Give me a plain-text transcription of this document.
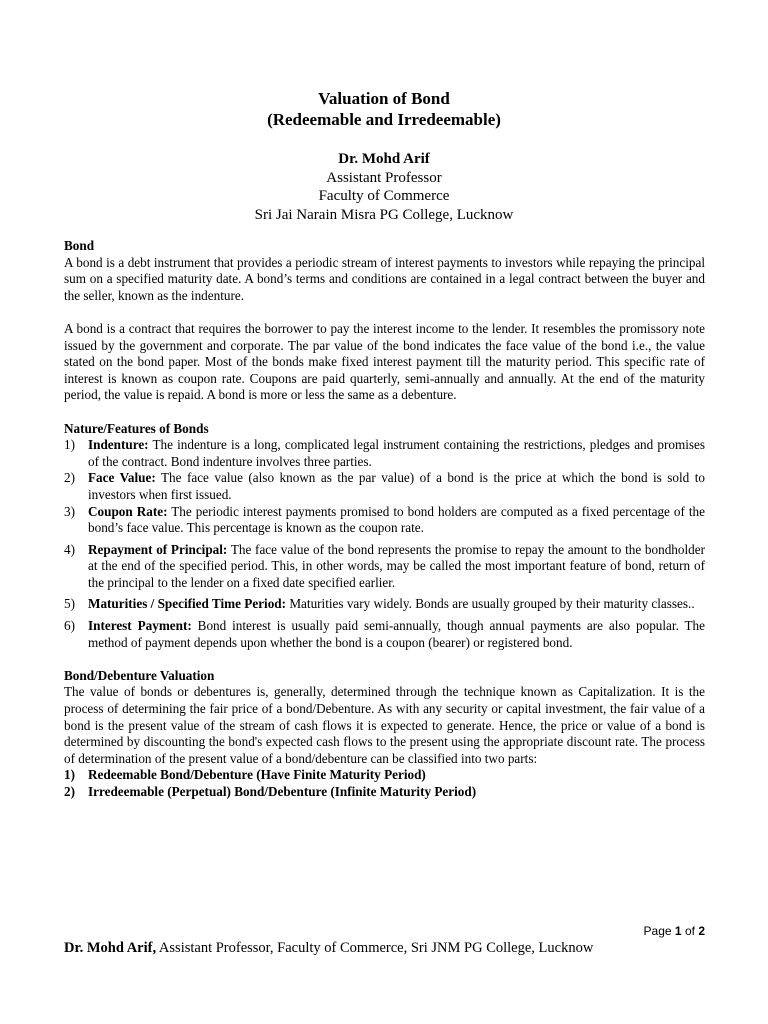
Valuation of Bond
(Redeemable and Irredeemable)
Dr. Mohd Arif
Assistant Professor
Faculty of Commerce
Sri Jai Narain Misra PG College, Lucknow

Bond

A bond is a debt instrument that provides a periodic stream of interest payments to investors while repaying the principal sum on a specified maturity date. A bond’s terms and conditions are contained in a legal contract between the buyer and the seller, known as the indenture.

A bond is a contract that requires the borrower to pay the interest income to the lender. It resembles the promissory note issued by the government and corporate. The par value of the bond indicates the face value of the bond i.e., the value stated on the bond paper. Most of the bonds make fixed interest payment till the maturity period. This specific rate of interest is known as coupon rate. Coupons are paid quarterly, semi-annually and annually. At the end of the maturity period, the value is repaid. A bond is more or less the same as a debenture.

Nature/Features of Bonds

1) Indenture: The indenture is a long, complicated legal instrument containing the restrictions, pledges and promises of the contract. Bond indenture involves three parties.
2) Face Value: The face value (also known as the par value) of a bond is the price at which the bond is sold to investors when first issued.
3) Coupon Rate: The periodic interest payments promised to bond holders are computed as a fixed percentage of the bond’s face value. This percentage is known as the coupon rate.
4) Repayment of Principal: The face value of the bond represents the promise to repay the amount to the bondholder at the end of the specified period. This, in other words, may be called the most important feature of bond, return of the principal to the lender on a fixed date specified earlier.
5) Maturities / Specified Time Period: Maturities vary widely. Bonds are usually grouped by their maturity classes..
6) Interest Payment: Bond interest is usually paid semi-annually, though annual payments are also popular. The method of payment depends upon whether the bond is a coupon (bearer) or registered bond.

Bond/Debenture Valuation

The value of bonds or debentures is, generally, determined through the technique known as Capitalization. It is the process of determining the fair price of a bond/Debenture. As with any security or capital investment, the fair value of a bond is the present value of the stream of cash flows it is expected to generate. Hence, the price or value of a bond is determined by discounting the bond's expected cash flows to the present using the appropriate discount rate. The process of determination of the present value of a bond/debenture can be classified into two parts:

1) Redeemable Bond/Debenture (Have Finite Maturity Period)
2) Irredeemable (Perpetual) Bond/Debenture (Infinite Maturity Period)
Page 1 of 2
Dr. Mohd Arif, Assistant Professor, Faculty of Commerce, Sri JNM PG College, Lucknow
